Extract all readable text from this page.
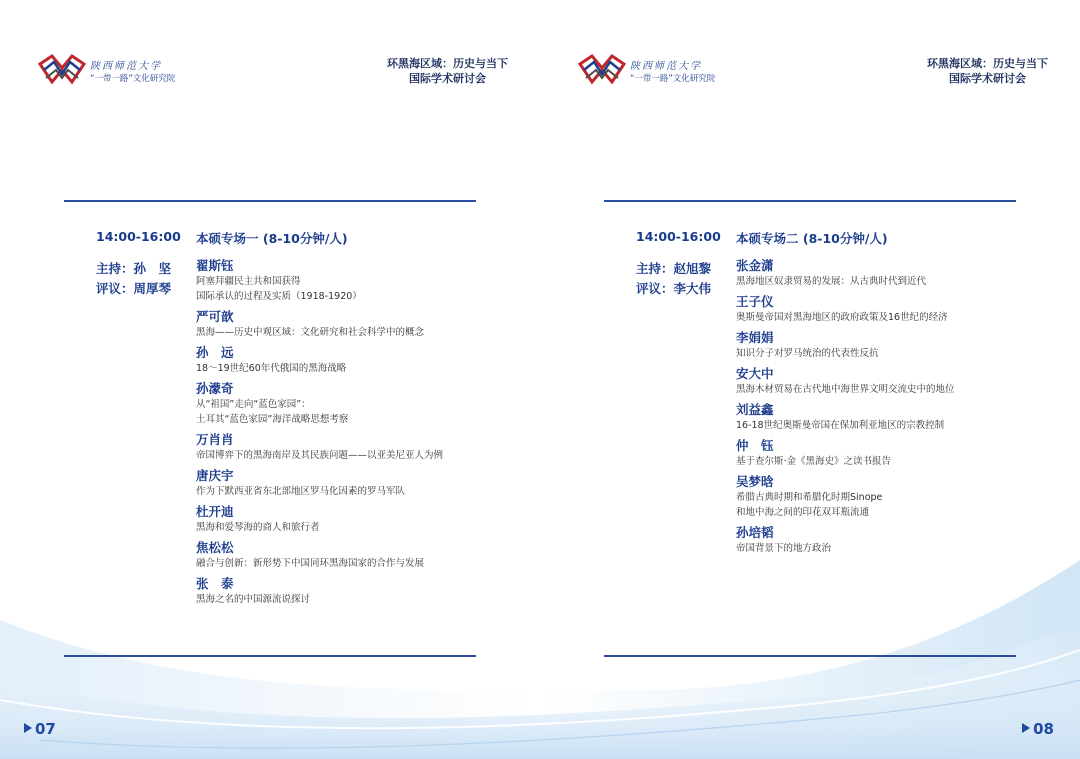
陕西师范大学
“一带一路”文化研究院
环黑海区域：历史与当下
国际学术研讨会
14:00-16:00 本硕专场一 (8-10分钟/人)
主持：孙　坚
评议：周厚琴
翟斯钰
阿塞拜疆民主共和国获得
国际承认的过程及实质（1918-1920）
严可歆
黑海——历史中观区域：文化研究和社会科学中的概念
孙　远
18～19世纪60年代俄国的黑海战略
孙濛奇
从“祖国”走向“蓝色家园”：
土耳其“蓝色家园”海洋战略思想考察
万肖肖
帝国博弈下的黑海南岸及其民族问题——以亚美尼亚人为例
唐庆宇
作为下默西亚省东北部地区罗马化因素的罗马军队
杜开迪
黑海和爱琴海的商人和旅行者
焦松松
融合与创新：新形势下中国同环黑海国家的合作与发展
张　泰
黑海之名的中国源流说探讨
07
陕西师范大学
“一带一路”文化研究院
环黑海区域：历史与当下
国际学术研讨会
14:00-16:00 本硕专场二 (8-10分钟/人)
主持：赵旭黎
评议：李大伟
张金潇
黑海地区奴隶贸易的发展：从古典时代到近代
王子仪
奥斯曼帝国对黑海地区的政府政策及16世纪的经济
李娟娟
知识分子对罗马统治的代表性反抗
安大中
黑海木材贸易在古代地中海世界文明交流史中的地位
刘益鑫
16-18世纪奥斯曼帝国在保加利亚地区的宗教控制
仲　钰
基于查尔斯·金《黑海史》之读书报告
吴梦晗
希腊古典时期和希腊化时期Sinope
和地中海之间的印花双耳瓶流通
孙培韬
帝国背景下的地方政治
08
